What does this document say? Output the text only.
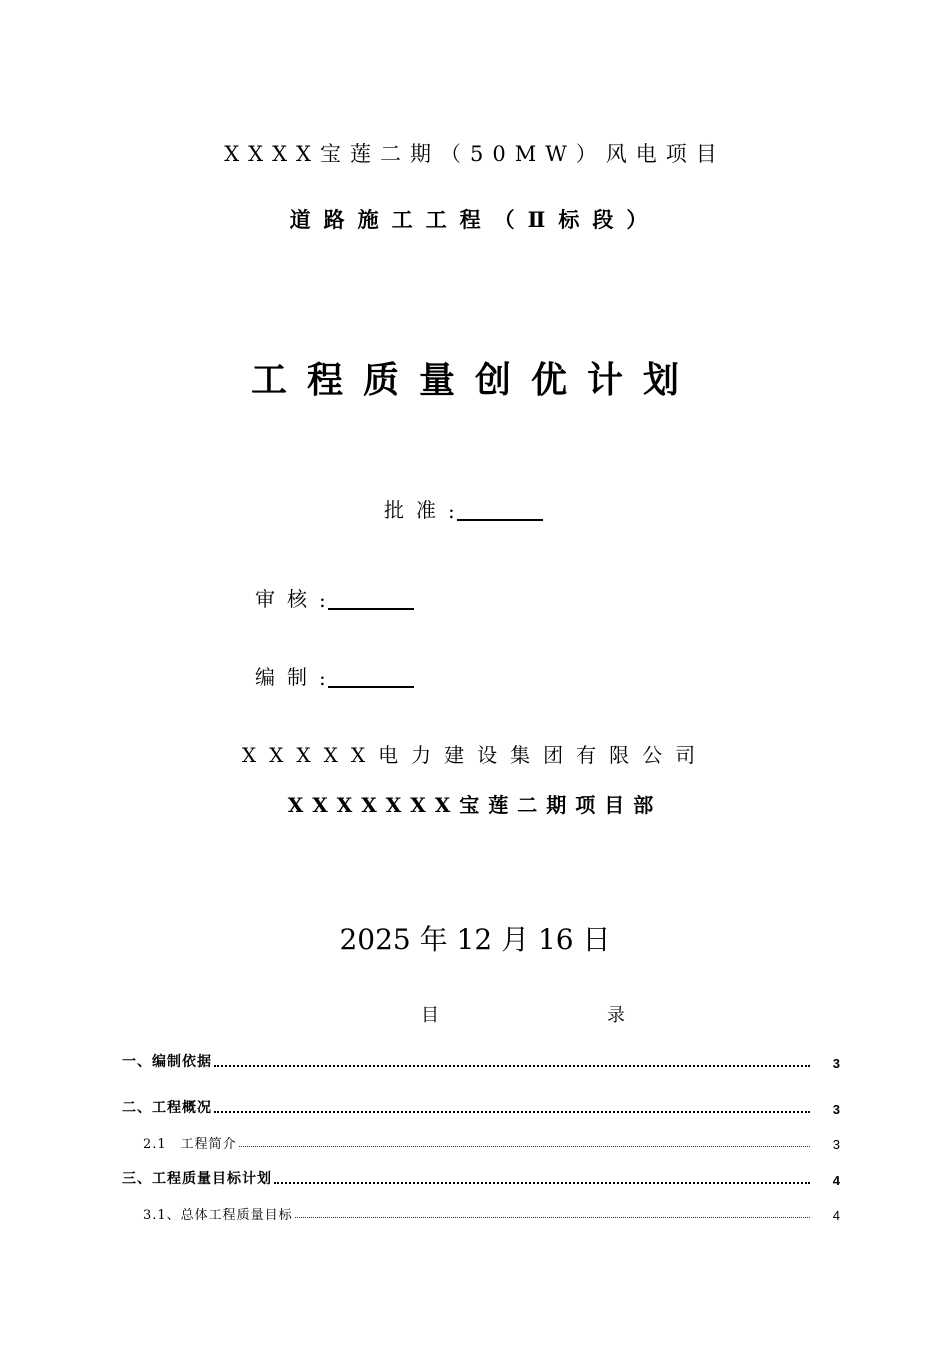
XXXX宝莲二期（50MW）风电项目
道路施工工程（Ⅱ标段）
工程质量创优计划
批准 :
审核 :
编制 :
XXXXX电力建设集团有限公司
XXXXXXX宝莲二期项目部
2025 年 12 月 16 日
目	录
一、编制依据	3
二、工程概况	3
2.1　工程简介	3
三、工程质量目标计划	4
3.1、总体工程质量目标	4
